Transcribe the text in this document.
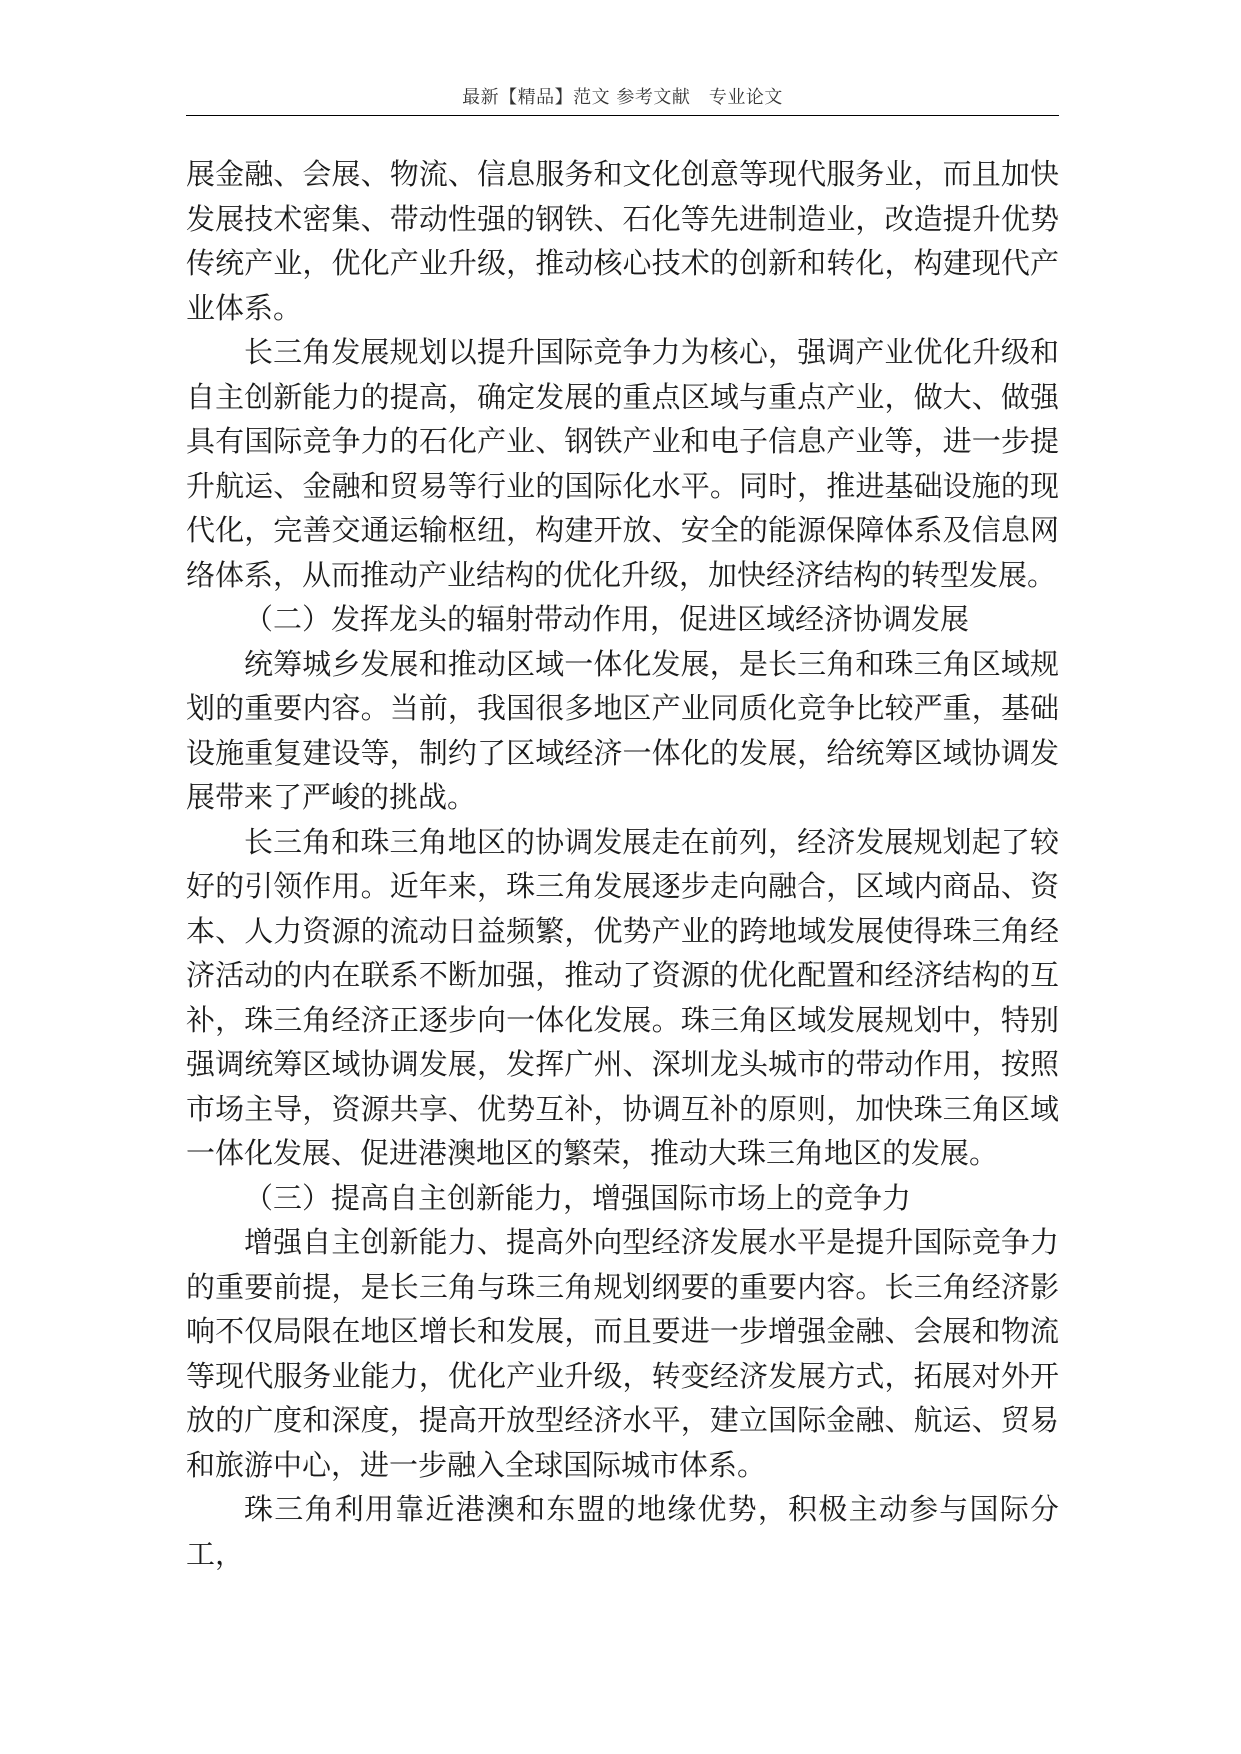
最新【精品】范文 参考文献　专业论文

展金融、会展、物流、信息服务和文化创意等现代服务业，而且加快发展技术密集、带动性强的钢铁、石化等先进制造业，改造提升优势传统产业，优化产业升级，推动核心技术的创新和转化，构建现代产业体系。

长三角发展规划以提升国际竞争力为核心，强调产业优化升级和自主创新能力的提高，确定发展的重点区域与重点产业，做大、做强具有国际竞争力的石化产业、钢铁产业和电子信息产业等，进一步提升航运、金融和贸易等行业的国际化水平。同时，推进基础设施的现代化，完善交通运输枢纽，构建开放、安全的能源保障体系及信息网络体系，从而推动产业结构的优化升级，加快经济结构的转型发展。

（二）发挥龙头的辐射带动作用，促进区域经济协调发展

统筹城乡发展和推动区域一体化发展，是长三角和珠三角区域规划的重要内容。当前，我国很多地区产业同质化竞争比较严重，基础设施重复建设等，制约了区域经济一体化的发展，给统筹区域协调发展带来了严峻的挑战。

长三角和珠三角地区的协调发展走在前列，经济发展规划起了较好的引领作用。近年来，珠三角发展逐步走向融合，区域内商品、资本、人力资源的流动日益频繁，优势产业的跨地域发展使得珠三角经济活动的内在联系不断加强，推动了资源的优化配置和经济结构的互补，珠三角经济正逐步向一体化发展。珠三角区域发展规划中，特别强调统筹区域协调发展，发挥广州、深圳龙头城市的带动作用，按照市场主导，资源共享、优势互补，协调互补的原则，加快珠三角区域一体化发展、促进港澳地区的繁荣，推动大珠三角地区的发展。

（三）提高自主创新能力，增强国际市场上的竞争力

增强自主创新能力、提高外向型经济发展水平是提升国际竞争力的重要前提，是长三角与珠三角规划纲要的重要内容。长三角经济影响不仅局限在地区增长和发展，而且要进一步增强金融、会展和物流等现代服务业能力，优化产业升级，转变经济发展方式，拓展对外开放的广度和深度，提高开放型经济水平，建立国际金融、航运、贸易和旅游中心，进一步融入全球国际城市体系。

珠三角利用靠近港澳和东盟的地缘优势，积极主动参与国际分工，
